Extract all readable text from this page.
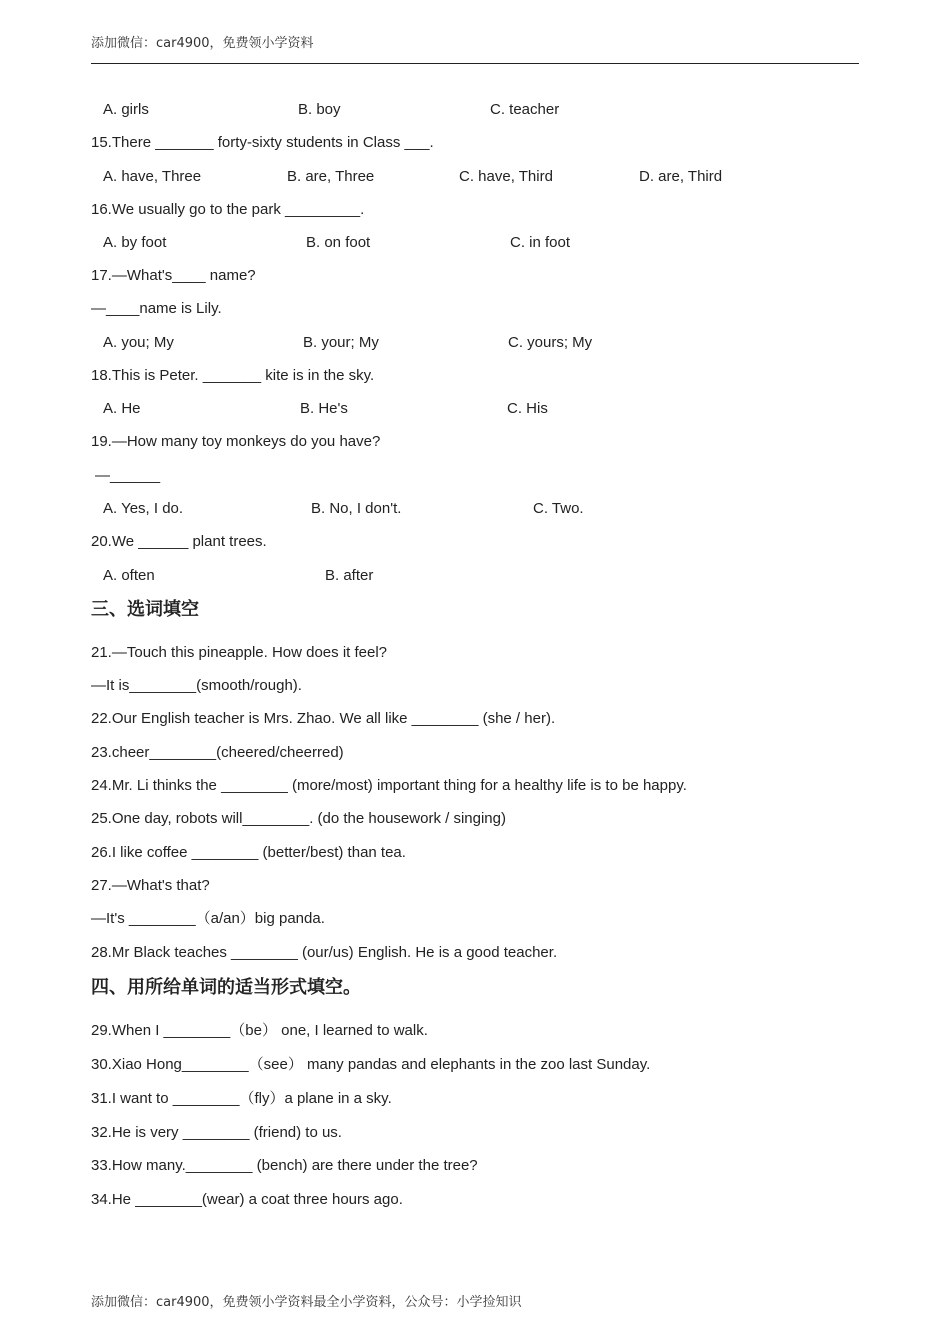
添加微信：car4900，免费领小学资料
A. girls	B. boy	C. teacher
15.There _______ forty-sixty students in Class ___.
A. have, Three	B. are, Three	C. have, Third	D. are, Third
16.We usually go to the park _________.
A. by foot	B. on foot	C. in foot
17.—What's____ name?
—____name is Lily.
A. you; My	B. your; My	C. yours; My
18.This is Peter. _______ kite is in the sky.
A. He	B. He's	C. His
19.—How many toy monkeys do you have?
—______
A. Yes, I do.	B. No, I don't.	C. Two.
20.We ______ plant trees.
A. often	B. after
三、选词填空
21.—Touch this pineapple. How does it feel?
—It is________(smooth/rough).
22.Our English teacher is Mrs. Zhao. We all like ________ (she / her).
23.cheer________(cheered/cheerred)
24.Mr. Li thinks the ________ (more/most) important thing for a healthy life is to be happy.
25.One day, robots will________. (do the housework / singing)
26.I like coffee ________ (better/best) than tea.
27.—What's that?
—It's ________（a/an）big panda.
28.Mr Black teaches ________ (our/us) English. He is a good teacher.
四、用所给单词的适当形式填空。
29.When I ________（be） one, I learned to walk.
30.Xiao Hong________（see） many pandas and elephants in the zoo last Sunday.
31.I want to ________（fly）a plane in a sky.
32.He is very ________ (friend) to us.
33.How many.________ (bench) are there under the tree?
34.He ________(wear) a coat three hours ago.
添加微信：car4900，免费领小学资料最全小学资料，公众号：小学捡知识
